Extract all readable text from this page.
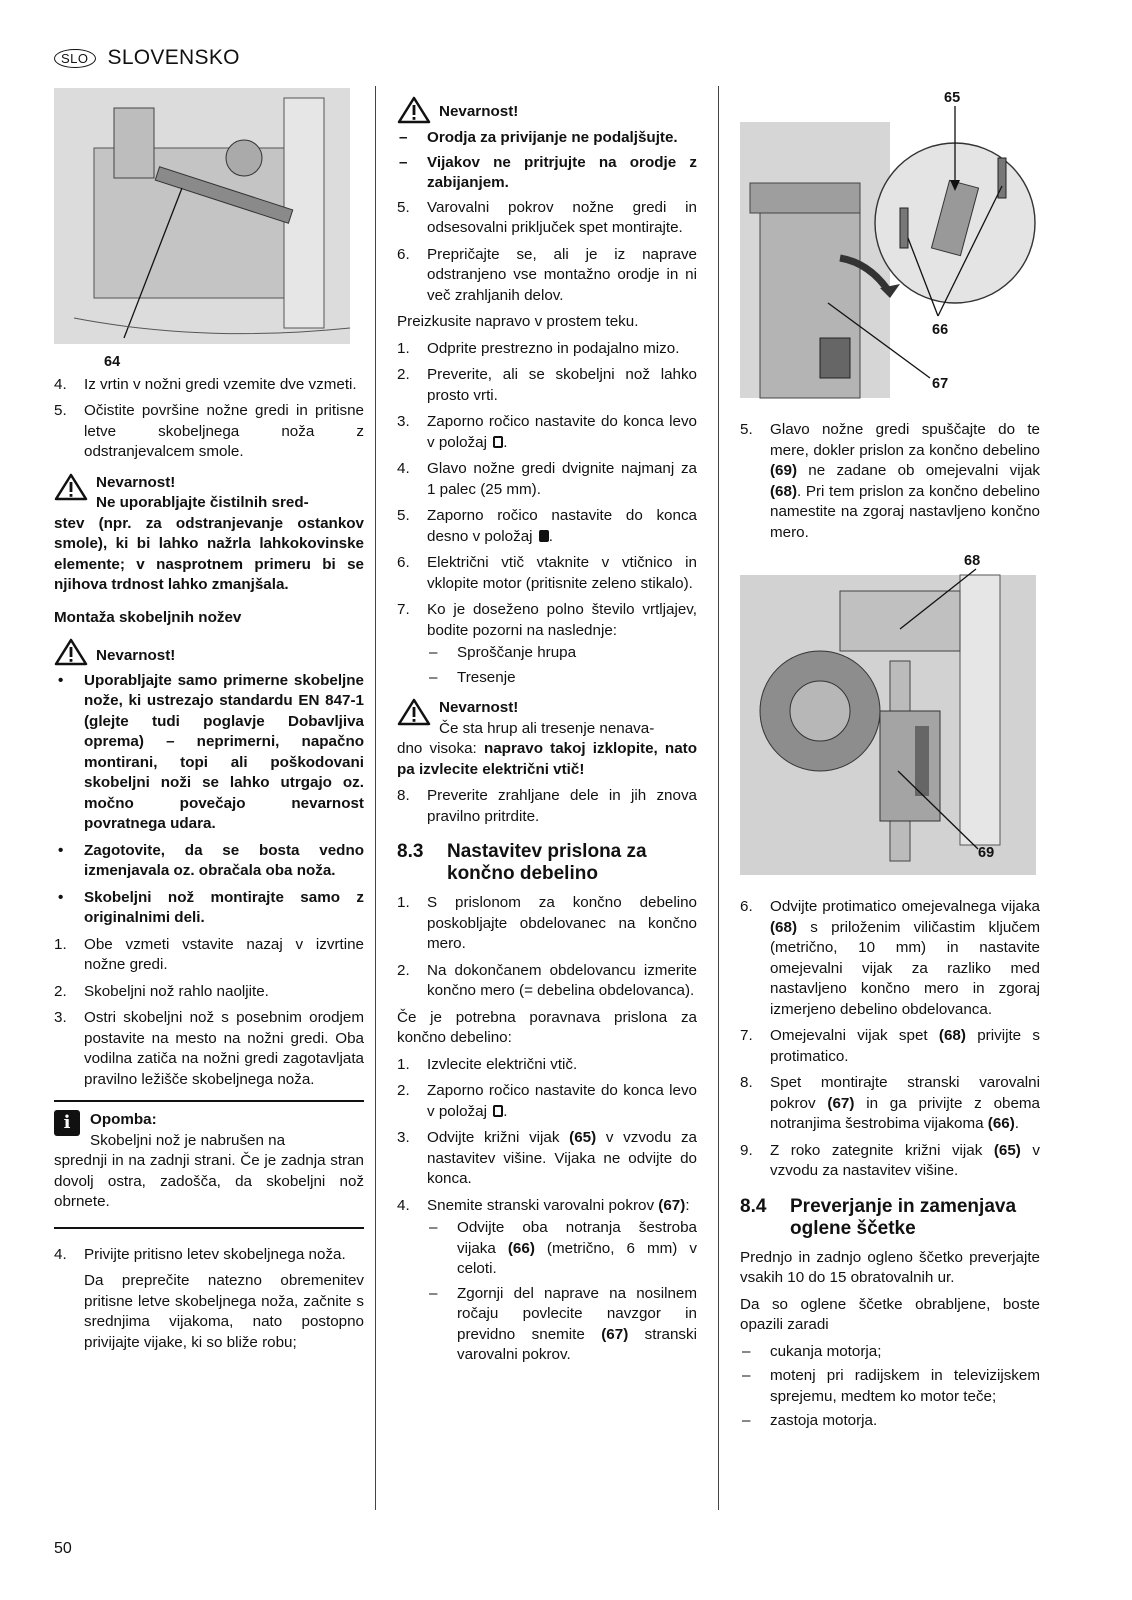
SLO SLOVENSKO
64
4.	Iz vrtin v nožni gredi vzemite dve vzmeti.
5.	Očistite površine nožne gredi in pritisne letve skobeljnega noža z odstranjevalcem smole.
Nevarnost!
Ne uporabljajte čistilnih sred-

stev (npr. za odstranjevanje ostankov smole), ki bi lahko nažrla lahkokovinske elemente; v nasprotnem primeru bi se njihova trdnost lahko zmanjšala.

Montaža skobeljnih nožev

Nevarnost!
•	Uporabljajte samo primerne skobeljne nože, ki ustrezajo standardu EN 847-1 (glejte tudi poglavje Dobavljiva oprema) – neprimerni, napačno montirani, topi ali poškodovani skobeljni noži se lahko utrgajo oz. močno povečajo nevarnost povratnega udara.
•	Zagotovite, da se bosta vedno izmenjavala oz. obračala oba noža.
•	Skobeljni nož montirajte samo z originalnimi deli.
1.	Obe vzmeti vstavite nazaj v izvrtine nožne gredi.
2.	Skobeljni nož rahlo naoljite.
3.	Ostri skobeljni nož s posebnim orodjem postavite na mesto na nožni gredi. Oba vodilna zatiča na nožni gredi zagotavljata pravilno ležišče skobeljnega noža.
i	Opomba:
Skobeljni nož je nabrušen na

sprednji in na zadnji strani. Če je zadnja stran dovolj ostra, zadošča, da skobeljni nož obrnete.

4.	Privijte pritisno letev skobeljnega noža.

Da preprečite natezno obremenitev pritisne letve skobeljnega noža, začnite s srednjima vijakoma, nato postopno privijajte vijake, ki so bliže robu;

Nevarnost!
–	Orodja za privijanje ne podaljšujte.
–	Vijakov ne pritrjujte na orodje z zabijanjem.
5.	Varovalni pokrov nožne gredi in odsesovalni priključek spet montirajte.
6.	Prepričajte se, ali je iz naprave odstranjeno vse montažno orodje in ni več zrahljanih delov.

Preizkusite napravo v prostem teku.

1.	Odprite prestrezno in podajalno mizo.
2.	Preverite, ali se skobeljni nož lahko prosto vrti.
3.	Zaporno ročico nastavite do konca levo v položaj .
4.	Glavo nožne gredi dvignite najmanj za 1 palec (25 mm).
5.	Zaporno ročico nastavite do konca desno v položaj .
6.	Električni vtič vtaknite v vtičnico in vklopite motor (pritisnite zeleno stikalo).
7.	Ko je doseženo polno število vrtljajev, bodite pozorni na naslednje:
–	Sproščanje hrupa
–	Tresenje
Nevarnost!
Če sta hrup ali tresenje nenava-

dno visoka: napravo takoj izklopite, nato pa izvlecite električni vtič!

8.	Preverite zrahljane dele in jih znova pravilno pritrdite.
8.3	Nastavitev prislona za končno debelino
1.	S prislonom za končno debelino poskobljajte obdelovanec na končno mero.
2.	Na dokončanem obdelovancu izmerite končno mero (= debelina obdelovanca).

Če je potrebna poravnava prislona za končno debelino:

1.	Izvlecite električni vtič.
2.	Zaporno ročico nastavite do konca levo v položaj .
3.	Odvijte križni vijak (65) v vzvodu za nastavitev višine. Vijaka ne odvijte do konca.
4.	Snemite stranski varovalni pokrov (67):
–	Odvijte oba notranja šestroba vijaka (66) (metrično, 6 mm) v celoti.
–	Zgornji del naprave na nosilnem ročaju povlecite navzgor in previdno snemite (67) stranski varovalni pokrov.
65
66
67
5.	Glavo nožne gredi spuščajte do te mere, dokler prislon za končno debelino (69) ne zadane ob omejevalni vijak (68). Pri tem prislon za končno debelino namestite na zgoraj nastavljeno končno mero.
68
69
6.	Odvijte protimatico omejevalnega vijaka (68) s priloženim viličastim ključem (metrično, 10 mm) in nastavite omejevalni vijak za razliko med nastavljeno končno mero in zgoraj izmerjeno debelino obdelovanca.
7.	Omejevalni vijak spet (68) privijte s protimatico.
8.	Spet montirajte stranski varovalni pokrov (67) in ga privijte z obema notranjima šestrobima vijakoma (66).
9.	Z roko zategnite križni vijak (65) v vzvodu za nastavitev višine.
8.4	Preverjanje in zamenjava oglene ščetke

Prednjo in zadnjo ogleno ščetko preverjajte vsakih 10 do 15 obratovalnih ur.

Da so oglene ščetke obrabljene, boste opazili zaradi

–	cukanja motorja;
–	motenj pri radijskem in televizijskem sprejemu, medtem ko motor teče;
–	zastoja motorja.
50
